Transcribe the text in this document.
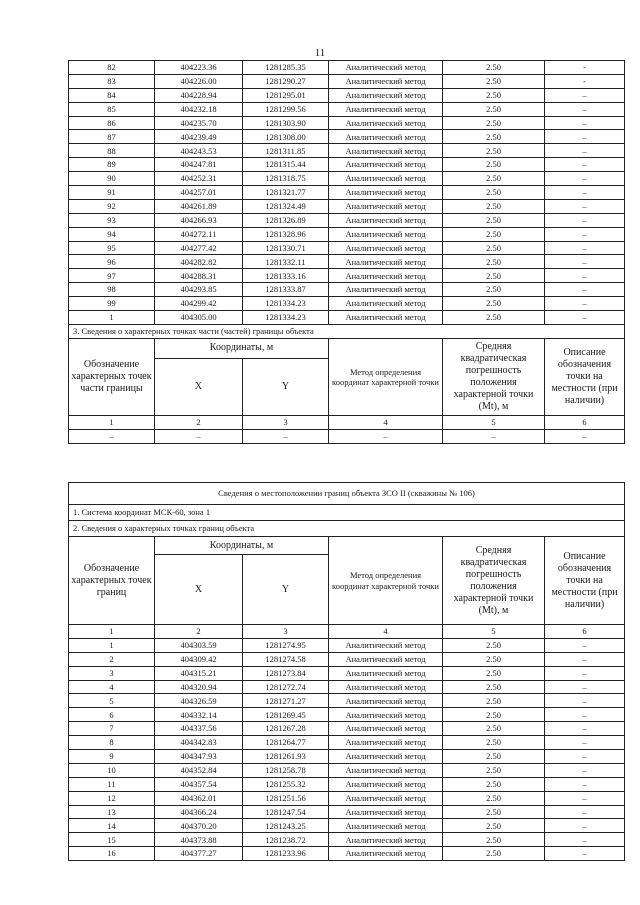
11
82	404223.36	1281285.35	Аналитический метод	2.50	-
83	404226.00	1281290.27	Аналитический метод	2.50	-
84	404228.94	1281295.01	Аналитический метод	2.50	–
85	404232.18	1281299.56	Аналитический метод	2.50	–
86	404235.70	1281303.90	Аналитический метод	2.50	–
87	404239.49	1281308.00	Аналитический метод	2.50	–
88	404243.53	1281311.85	Аналитический метод	2.50	–
89	404247.81	1281315.44	Аналитический метод	2.50	–
90	404252.31	1281318.75	Аналитический метод	2.50	–
91	404257.01	1281321.77	Аналитический метод	2.50	–
92	404261.89	1281324.49	Аналитический метод	2.50	–
93	404266.93	1281326.89	Аналитический метод	2.50	–
94	404272.11	1281328.96	Аналитический метод	2.50	–
95	404277.42	1281330.71	Аналитический метод	2.50	–
96	404282.82	1281332.11	Аналитический метод	2.50	–
97	404288.31	1281333.16	Аналитический метод	2.50	–
98	404293.85	1281333.87	Аналитический метод	2.50	–
99	404299.42	1281334.23	Аналитический метод	2.50	–
1	404305.00	1281334.23	Аналитический метод	2.50	–
3. Сведения о характерных точках части (частей) границы объекта					
Обозначение характерных точек части границы	Координаты, м		Метод определения координат характерной точки	Средняя квадратическая погрешность положения характерной точки (Mt), м	Описание обозначения точки на местности (при наличии)
	X	Y			
1	2	3	4	5	6
–	–	–	–	–	–
Сведения о местоположении границ объекта ЗСО II (скважины № 106)					
1. Система координат МСК-60, зона 1					
2. Сведения о характерных точках границ объекта					
Обозначение характерных точек границ	Координаты, м		Метод определения координат характерной точки	Средняя квадратическая погрешность положения характерной точки (Mt), м	Описание обозначения точки на местности (при наличии)
	X	Y			
1	2	3	4	5	6
1	404303.59	1281274.95	Аналитический метод	2.50	–
2	404309.42	1281274.58	Аналитический метод	2.50	–
3	404315.21	1281273.84	Аналитический метод	2.50	–
4	404320.94	1281272.74	Аналитический метод	2.50	–
5	404326.59	1281271.27	Аналитический метод	2.50	–
6	404332.14	1281269.45	Аналитический метод	2.50	–
7	404337.56	1281267.28	Аналитический метод	2.50	–
8	404342.83	1281264.77	Аналитический метод	2.50	–
9	404347.93	1281261.93	Аналитический метод	2.50	–
10	404352.84	1281258.78	Аналитический метод	2.50	–
11	404357.54	1281255.32	Аналитический метод	2.50	–
12	404362.01	1281251.56	Аналитический метод	2.50	–
13	404366.24	1281247.54	Аналитический метод	2.50	–
14	404370.20	1281243.25	Аналитический метод	2.50	–
15	404373.88	1281238.72	Аналитический метод	2.50	–
16	404377.27	1281233.96	Аналитический метод	2.50	–
